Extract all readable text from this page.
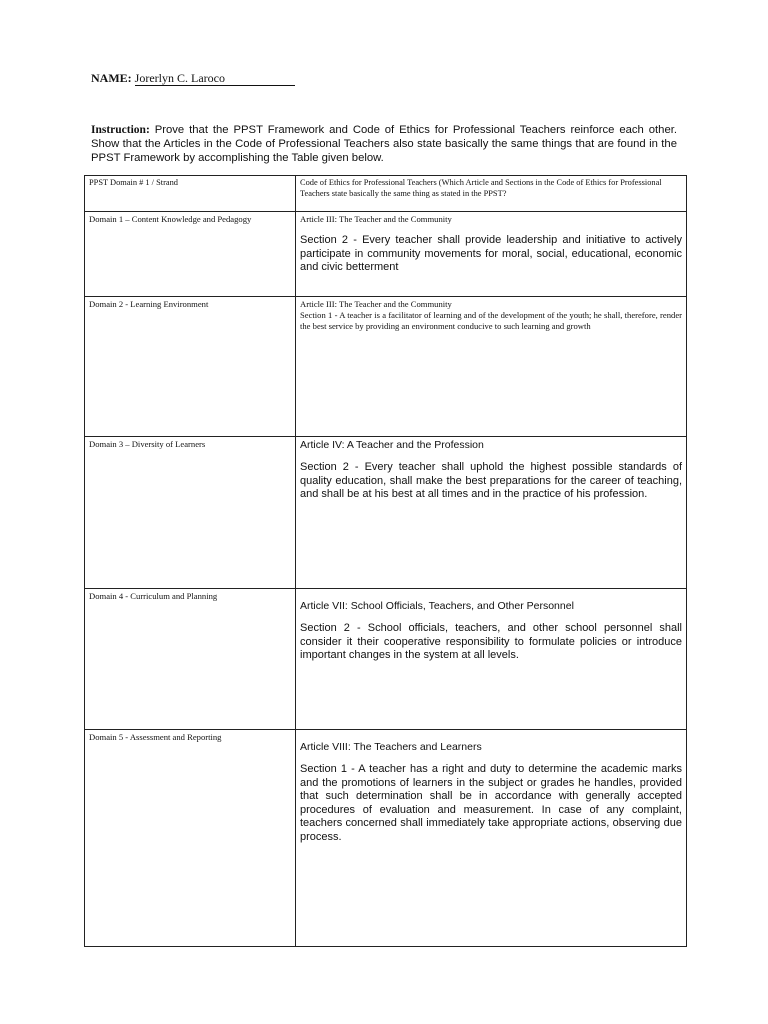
NAME: Jorerlyn C. Laroco
Instruction: Prove that the PPST Framework and Code of Ethics for Professional Teachers reinforce each other. Show that the Articles in the Code of Professional Teachers also state basically the same things that are found in the PPST Framework by accomplishing the Table given below.
PPST Domain # 1 / Strand	Code of Ethics for Professional Teachers (Which Article and Sections in the Code of Ethics for Professional Teachers state basically the same thing as stated in the PPST?
Domain 1 – Content Knowledge and Pedagogy	Article III: The Teacher and the Community
Section 2 - Every teacher shall provide leadership and initiative to actively participate in community movements for moral, social, educational, economic and civic betterment

Domain 2 - Learning Environment	Article III: The Teacher and the Community
Section 1 - A teacher is a facilitator of learning and of the development of the youth; he shall, therefore, render the best service by providing an environment conducive to such learning and growth

Domain 3 – Diversity of Learners	Article IV: A Teacher and the Profession
Section 2 - Every teacher shall uphold the highest possible standards of quality education, shall make the best preparations for the career of teaching, and shall be at his best at all times and in the practice of his profession.

Domain 4 - Curriculum and Planning	Article VII: School Officials, Teachers, and Other Personnel
Section 2 - School officials, teachers, and other school personnel shall consider it their cooperative responsibility to formulate policies or introduce important changes in the system at all levels.

Domain 5 - Assessment and Reporting	Article VIII: The Teachers and Learners
Section 1 - A teacher has a right and duty to determine the academic marks and the promotions of learners in the subject or grades he handles, provided that such determination shall be in accordance with generally accepted procedures of evaluation and measurement. In case of any complaint, teachers concerned shall immediately take appropriate actions, observing due process.
